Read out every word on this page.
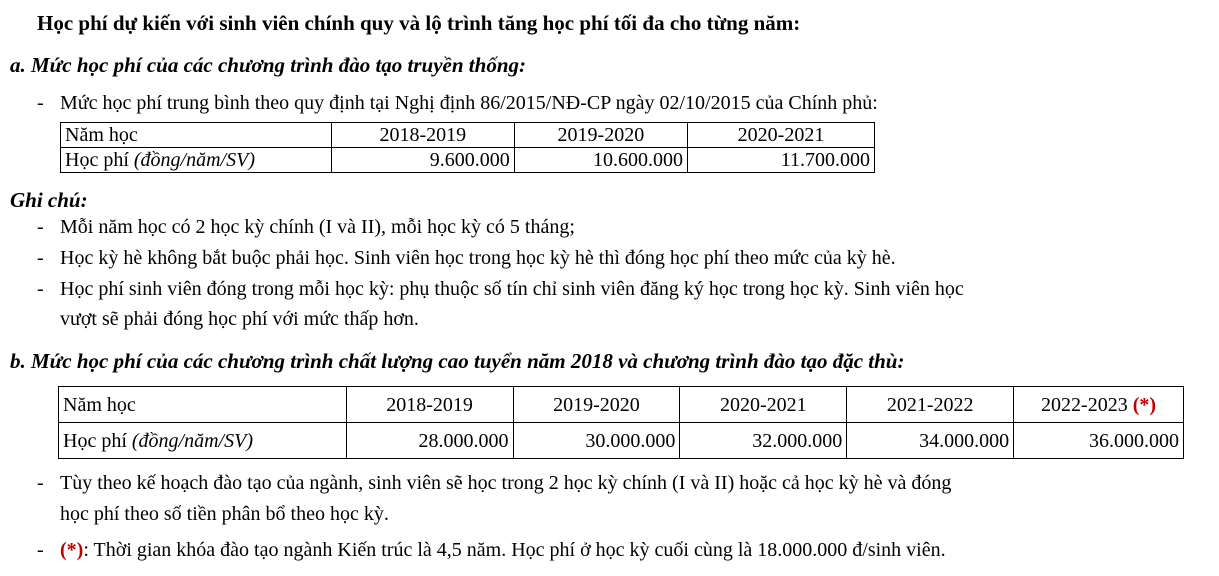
Học phí dự kiến với sinh viên chính quy và lộ trình tăng học phí tối đa cho từng năm:
a. Mức học phí của các chương trình đào tạo truyền thống:
- Mức học phí trung bình theo quy định tại Nghị định 86/2015/NĐ-CP ngày 02/10/2015 của Chính phủ:
Năm học	2018-2019	2019-2020	2020-2021
Học phí (đồng/năm/SV)	9.600.000	10.600.000	11.700.000
Ghi chú:
- Mỗi năm học có 2 học kỳ chính (I và II), mỗi học kỳ có 5 tháng;
- Học kỳ hè không bắt buộc phải học. Sinh viên học trong học kỳ hè thì đóng học phí theo mức của kỳ hè.
- Học phí sinh viên đóng trong mỗi học kỳ: phụ thuộc số tín chỉ sinh viên đăng ký học trong học kỳ. Sinh viên học
vượt sẽ phải đóng học phí với mức thấp hơn.
b. Mức học phí của các chương trình chất lượng cao tuyển năm 2018 và chương trình đào tạo đặc thù:
Năm học	2018-2019	2019-2020	2020-2021	2021-2022	2022-2023 (*)
Học phí (đồng/năm/SV)	28.000.000	30.000.000	32.000.000	34.000.000	36.000.000
- Tùy theo kế hoạch đào tạo của ngành, sinh viên sẽ học trong 2 học kỳ chính (I và II) hoặc cả học kỳ hè và đóng
học phí theo số tiền phân bổ theo học kỳ.
- (*): Thời gian khóa đào tạo ngành Kiến trúc là 4,5 năm. Học phí ở học kỳ cuối cùng là 18.000.000 đ/sinh viên.
